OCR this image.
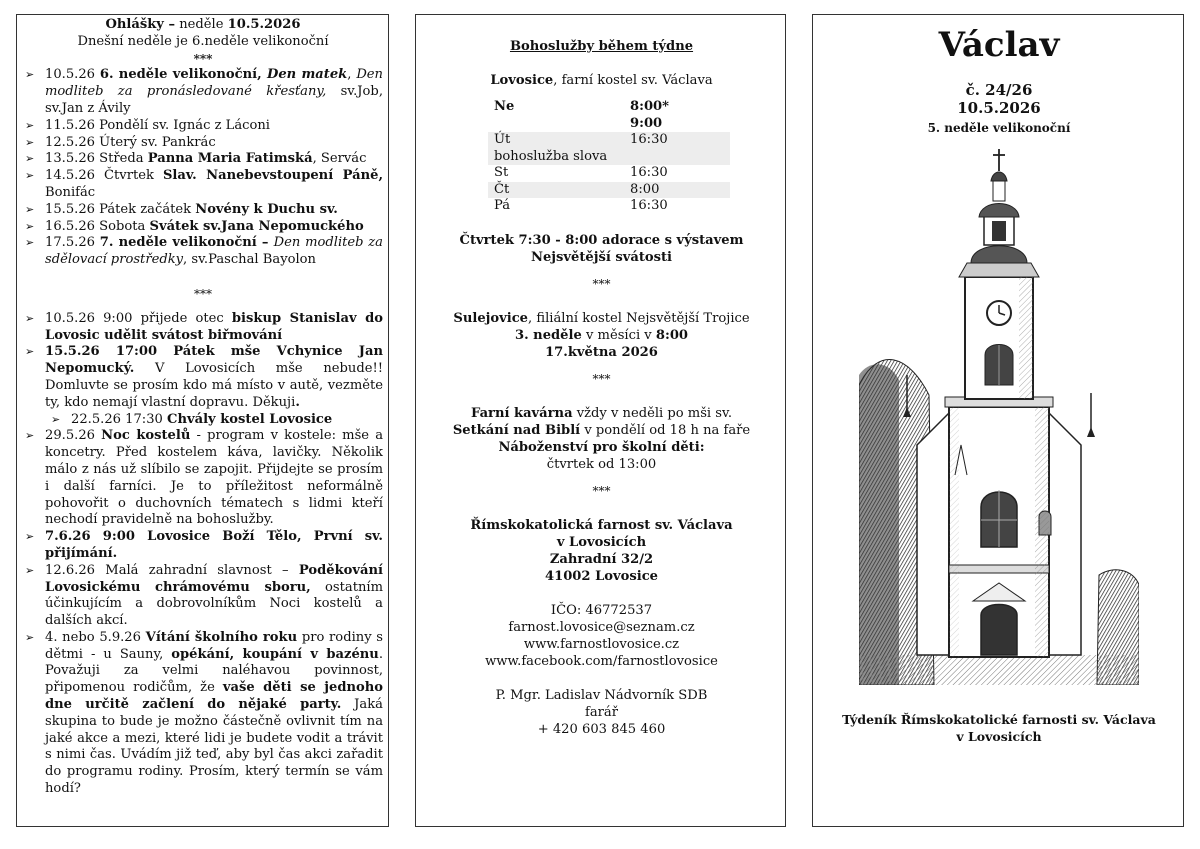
Ohlášky – neděle 10.5.2026
Dnešní neděle je 6.neděle velikonoční
***
➢ 10.5.26 6. neděle velikonoční, Den matek, Den modliteb za pronásledované křesťany, sv.Job, sv.Jan z Ávily
➢ 11.5.26 Pondělí sv. Ignác z Láconi
➢ 12.5.26 Úterý sv. Pankrác
➢ 13.5.26 Středa Panna Maria Fatimská, Servác
➢ 14.5.26 Čtvrtek Slav. Nanebevstoupení Páně, Bonifác
➢ 15.5.26 Pátek začátek Novény k Duchu sv.
➢ 16.5.26 Sobota Svátek sv.Jana Nepomuckého
➢ 17.5.26 7. neděle velikonoční – Den modliteb za sdělovací prostředky, sv.Paschal Bayolon
***
➢ 10.5.26 9:00 přijede otec biskup Stanislav do Lovosic udělit svátost biřmování
➢ 15.5.26 17:00 Pátek mše Vchynice Jan Nepomucký. V Lovosicích mše nebude!! Domluvte se prosím kdo má místo v autě, vezměte ty, kdo nemají vlastní dopravu. Děkuji.
➢ 22.5.26 17:30 Chvály kostel Lovosice
➢ 29.5.26 Noc kostelů - program v kostele: mše a koncetry. Před kostelem káva, lavičky. Několik málo z nás už slíbilo se zapojit. Přijdejte se prosím i další farníci. Je to příležitost neformálně pohovořit o duchovních tématech s lidmi kteří nechodí pravidelně na bohoslužby.
➢ 7.6.26 9:00 Lovosice Boží Tělo, První sv. přijímání.
➢ 12.6.26 Malá zahradní slavnost – Poděkování Lovosickému chrámovému sboru, ostatním účinkujícím a dobrovolníkům Noci kostelů a dalších akcí.
➢ 4. nebo 5.9.26 Vítání školního roku pro rodiny s dětmi - u Sauny, opékání, koupání v bazénu. Považuji za velmi naléhavou povinnost, připomenou rodičům, že vaše děti se jednoho dne určitě začlení do nějaké party. Jaká skupina to bude je možno částečně ovlivnit tím na jaké akce a mezi, které lidi je budete vodit a trávit s nimi čas. Uvádím již teď, aby byl čas akci zařadit do programu rodiny. Prosím, který termín se vám hodí?
Bohoslužby během týdne
Lovosice, farní kostel sv. Václava
Ne	8:00*
	9:00
Út	16:30
bohoslužba slova	
St	16:30
Čt	8:00
Pá	16:30
Čtvrtek 7:30 - 8:00 adorace s výstavem
Nejsvětější svátosti
***
Sulejovice, filiální kostel Nejsvětější Trojice
3. neděle v měsíci v 8:00
17.května 2026
***
Farní kavárna vždy v neděli po mši sv.
Setkání nad Biblí v pondělí od 18 h na faře
Náboženství pro školní děti:
čtvrtek od 13:00
***
Římskokatolická farnost sv. Václava
v Lovosicích
Zahradní 32/2
41002 Lovosice
IČO: 46772537
farnost.lovosice@seznam.cz
www.farnostlovosice.cz
www.facebook.com/farnostlovosice
P. Mgr. Ladislav Nádvorník SDB
farář
+ 420 603 845 460
Václav
č. 24/26
10.5.2026
5. neděle velikonoční
Týdeník Římskokatolické farnosti sv. Václava
v Lovosicích
